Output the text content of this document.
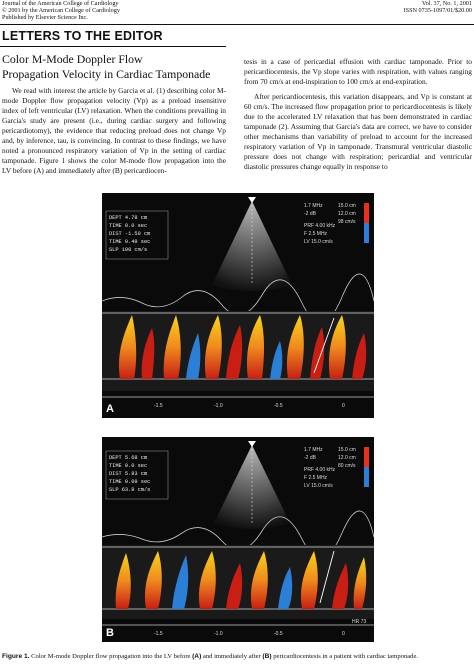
Journal of the American College of Cardiology
© 2001 by the American College of Cardiology
Published by Elsevier Science Inc.
Vol. 37, No. 1, 2001
ISSN 0735-1097/01/$20.00
LETTERS TO THE EDITOR
Color M-Mode Doppler Flow
Propagation Velocity in Cardiac Tamponade

We read with interest the article by Garcia et al. (1) describing color M-mode Doppler flow propagation velocity (Vp) as a preload insensitive index of left ventricular (LV) relaxation. When the conditions prevailing in Garcia's study are present (i.e., during cardiac surgery and following pericardiotomy), the evidence that reducing preload does not change Vp and, by inference, tau, is convincing. In contrast to these findings, we have noted a pronounced respiratory variation of Vp in the setting of cardiac tamponade. Figure 1 shows the color M-mode flow propagation into the LV before (A) and immediately after (B) pericardiocen-

tesis in a case of pericardial effusion with cardiac tamponade. Prior to pericardiocentesis, the Vp slope varies with respiration, with values ranging from 70 cm/s at end-inspiration to 100 cm/s at end-expiration.

After pericardiocentesis, this variation disappears, and Vp is constant at 60 cm/s. The increased flow propagation prior to pericardiocentesis is likely due to the accelerated LV relaxation that has been demonstrated in cardiac tamponade (2). Assuming that Garcia's data are correct, we have to consider other mechanisms than variability of preload to account for the increased respiratory variation of Vp in tamponade. Transmural ventricular diastolic pressure does not change with respiration; pericardial and ventricular diastolic pressures change equally in response to

DEPT 4.78 cm
TIME 0.0 sec
DIST -1.50 cm
TIME 0.49 sec
SLP 100 cm/s
1.7 MHz
-2 dB
PRF 4.00 kHz
F 2.5 MHz
LV 15.0 cm/s
15.0 cm
12.0 cm
98 cm/s
-1.5	-1.0	-0.5	0
A
DEPT 5.68 cm
TIME 0.0 sec
DIST 5.83 cm
TIME 0.09 sec
SLP 63.8 cm/s
1.7 MHz
-2 dB
PRF 4.00 kHz
F 2.5 MHz
LV 15.0 cm/s
15.0 cm
12.0 cm
80 cm/s
-1.5	-1.0	-0.5	0
HR 73
B
Figure 1. Color M-mode Doppler flow propagation into the LV before (A) and immediately after (B) pericardiocentesis in a patient with cardiac tamponade.
